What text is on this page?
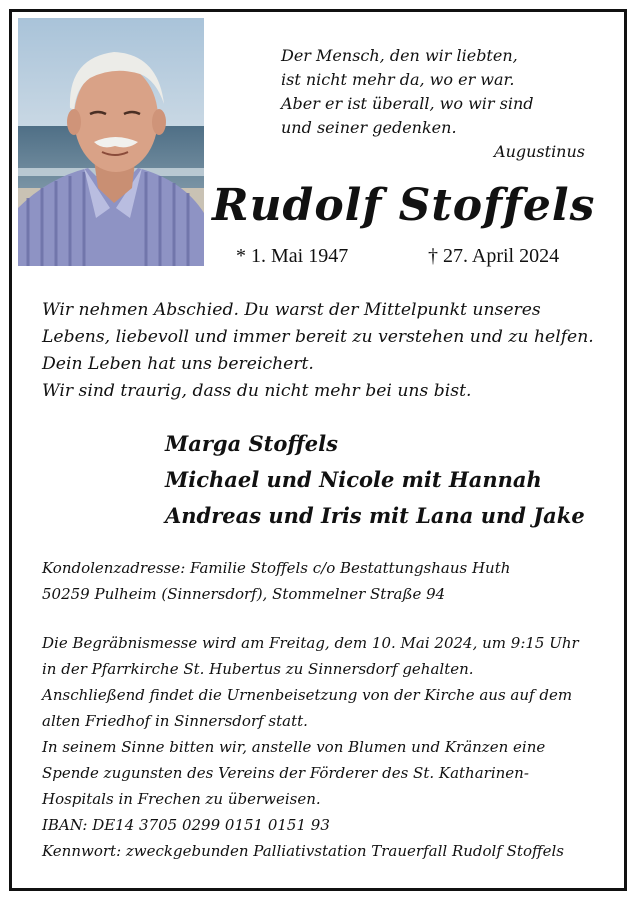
Der Mensch, den wir liebten,
ist nicht mehr da, wo er war.
Aber er ist überall, wo wir sind
und seiner gedenken.
Augustinus
Rudolf Stoffels
* 1. Mai 1947	† 27. April 2024
Wir nehmen Abschied. Du warst der Mittelpunkt unseres
Lebens, liebevoll und immer bereit zu verstehen und zu helfen.
Dein Leben hat uns bereichert.
Wir sind traurig, dass du nicht mehr bei uns bist.
Marga Stoffels
Michael und Nicole mit Hannah
Andreas und Iris mit Lana und Jake
Kondolenzadresse: Familie Stoffels c/o Bestattungshaus Huth
50259 Pulheim (Sinnersdorf), Stommelner Straße 94
Die Begräbnismesse wird am Freitag, dem 10. Mai 2024, um 9:15 Uhr
in der Pfarrkirche St. Hubertus zu Sinnersdorf gehalten.
Anschließend findet die Urnenbeisetzung von der Kirche aus auf dem
alten Friedhof in Sinnersdorf statt.
In seinem Sinne bitten wir, anstelle von Blumen und Kränzen eine
Spende zugunsten des Vereins der Förderer des St. Katharinen-
Hospitals in Frechen zu überweisen.
IBAN: DE14 3705 0299 0151 0151 93
Kennwort: zweckgebunden Palliativstation Trauerfall Rudolf Stoffels
